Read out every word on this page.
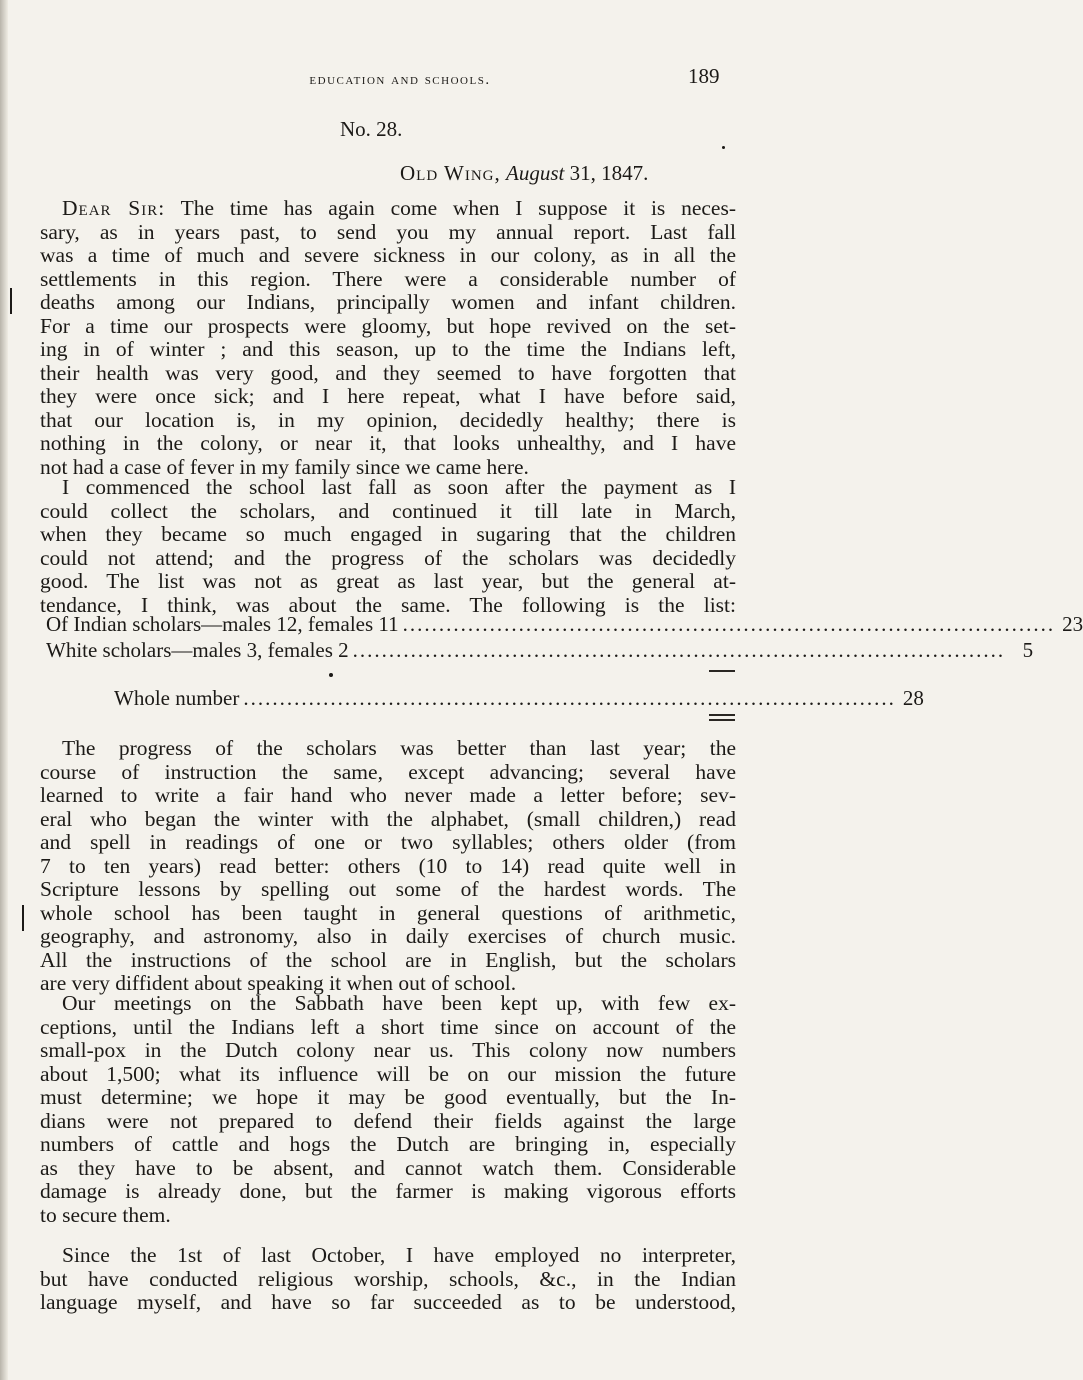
education and schools.	189
No. 28.
Old Wing, August 31, 1847.
Dear Sir: The time has again come when I suppose it is neces-
sary, as in years past, to send you my annual report. Last fall
was a time of much and severe sickness in our colony, as in all the
settlements in this region. There were a considerable number of
deaths among our Indians, principally women and infant children.
For a time our prospects were gloomy, but hope revived on the set-
ing in of winter ; and this season, up to the time the Indians left,
their health was very good, and they seemed to have forgotten that
they were once sick; and I here repeat, what I have before said,
that our location is, in my opinion, decidedly healthy; there is
nothing in the colony, or near it, that looks unhealthy, and I have
not had a case of fever in my family since we came here.
I commenced the school last fall as soon after the payment as I
could collect the scholars, and continued it till late in March,
when they became so much engaged in sugaring that the children
could not attend; and the progress of the scholars was decidedly
good. The list was not as great as last year, but the general at-
tendance, I think, was about the same. The following is the list:
Of Indian scholars—males 12, females 11 .......................................................................................... 23
White scholars—males 3, females 2 .......................................................................................... 5
Whole number .......................................................................................... 28
The progress of the scholars was better than last year; the
course of instruction the same, except advancing; several have
learned to write a fair hand who never made a letter before; sev-
eral who began the winter with the alphabet, (small children,) read
and spell in readings of one or two syllables; others older (from
7 to ten years) read better: others (10 to 14) read quite well in
Scripture lessons by spelling out some of the hardest words. The
whole school has been taught in general questions of arithmetic,
geography, and astronomy, also in daily exercises of church music.
All the instructions of the school are in English, but the scholars
are very diffident about speaking it when out of school.
Our meetings on the Sabbath have been kept up, with few ex-
ceptions, until the Indians left a short time since on account of the
small-pox in the Dutch colony near us. This colony now numbers
about 1,500; what its influence will be on our mission the future
must determine; we hope it may be good eventually, but the In-
dians were not prepared to defend their fields against the large
numbers of cattle and hogs the Dutch are bringing in, especially
as they have to be absent, and cannot watch them. Considerable
damage is already done, but the farmer is making vigorous efforts
to secure them.
Since the 1st of last October, I have employed no interpreter,
but have conducted religious worship, schools, &c., in the Indian
language myself, and have so far succeeded as to be understood,
